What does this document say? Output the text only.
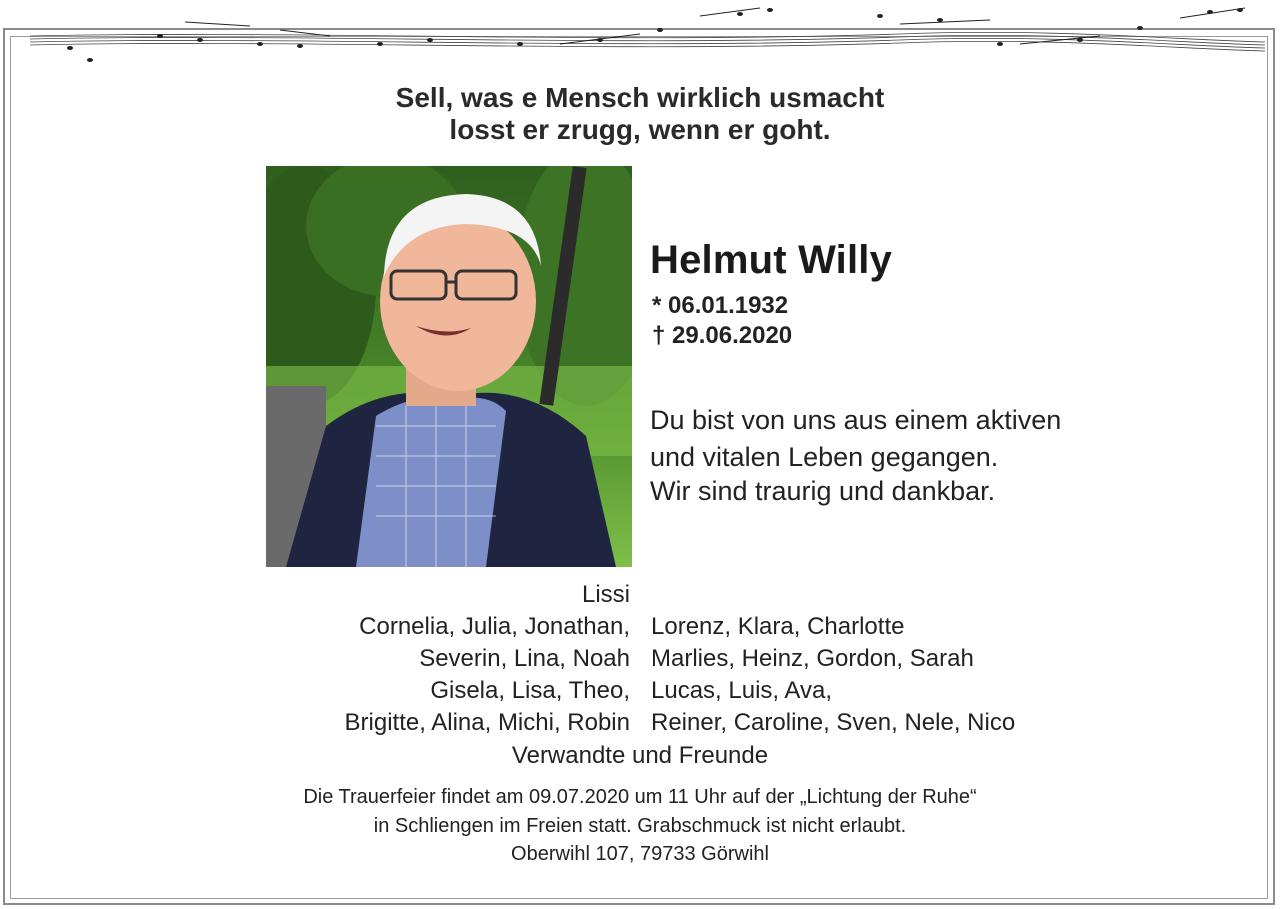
Sell, was e Mensch wirklich usmacht
losst er zrugg, wenn er goht.
Helmut Willy
* 06.01.1932
† 29.06.2020
Du bist von uns aus einem aktiven
und vitalen Leben gegangen.
Wir sind traurig und dankbar.
Lissi
Cornelia, Julia, Jonathan,
Severin, Lina, Noah
Gisela, Lisa, Theo,
Brigitte, Alina, Michi, Robin
Lorenz, Klara, Charlotte
Marlies, Heinz, Gordon, Sarah
Lucas, Luis, Ava,
Reiner, Caroline, Sven, Nele, Nico
Verwandte und Freunde
Die Trauerfeier findet am 09.07.2020 um 11 Uhr auf der „Lichtung der Ruhe“
in Schliengen im Freien statt. Grabschmuck ist nicht erlaubt.
Oberwihl 107, 79733 Görwihl
